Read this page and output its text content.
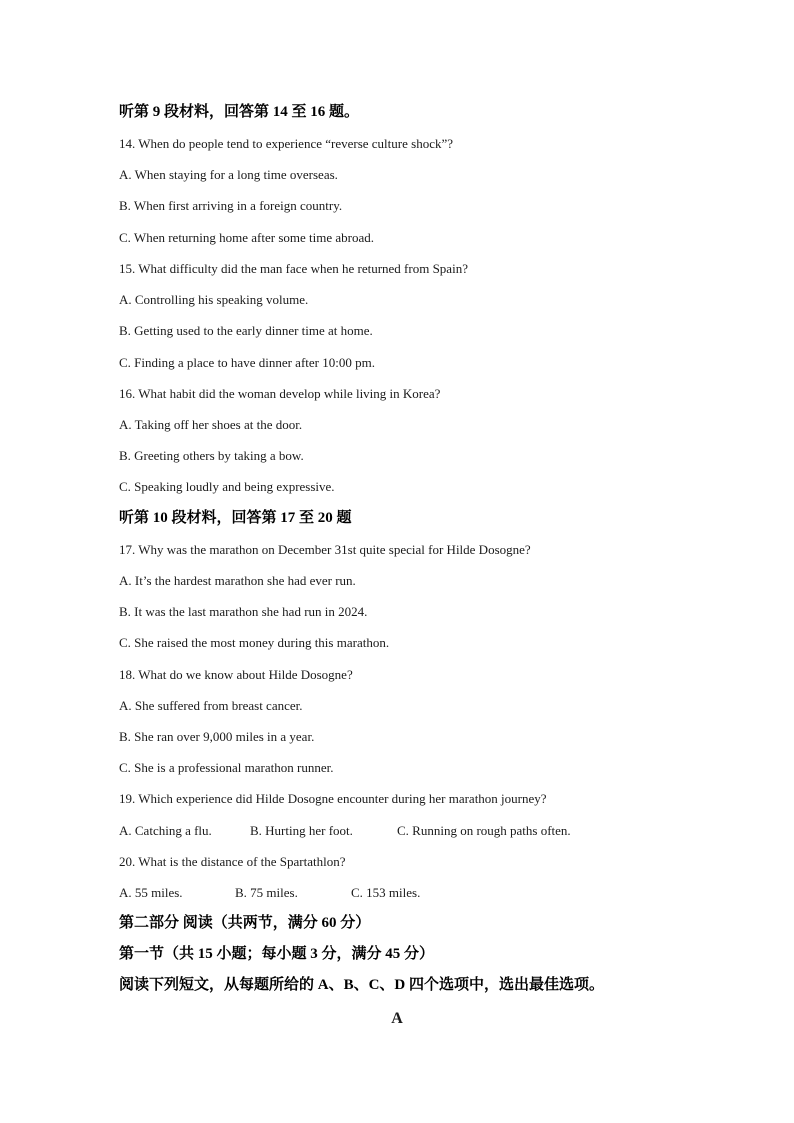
听第 9 段材料，回答第 14 至 16 题。
14. When do people tend to experience “reverse culture shock”?
A. When staying for a long time overseas.
B. When first arriving in a foreign country.
C. When returning home after some time abroad.
15. What difficulty did the man face when he returned from Spain?
A. Controlling his speaking volume.
B. Getting used to the early dinner time at home.
C. Finding a place to have dinner after 10:00 pm.
16. What habit did the woman develop while living in Korea?
A. Taking off her shoes at the door.
B. Greeting others by taking a bow.
C. Speaking loudly and being expressive.
听第 10 段材料，回答第 17 至 20 题
17. Why was the marathon on December 31st quite special for Hilde Dosogne?
A. It’s the hardest marathon she had ever run.
B. It was the last marathon she had run in 2024.
C. She raised the most money during this marathon.
18. What do we know about Hilde Dosogne?
A. She suffered from breast cancer.
B. She ran over 9,000 miles in a year.
C. She is a professional marathon runner.
19. Which experience did Hilde Dosogne encounter during her marathon journey?
A. Catching a flu.	B. Hurting her foot.	C. Running on rough paths often.
20. What is the distance of the Spartathlon?
A. 55 miles.	B. 75 miles.	C. 153 miles.
第二部分 阅读（共两节，满分 60 分）
第一节（共 15 小题；每小题 3 分，满分 45 分）
阅读下列短文，从每题所给的 A、B、C、D 四个选项中，选出最佳选项。
A
